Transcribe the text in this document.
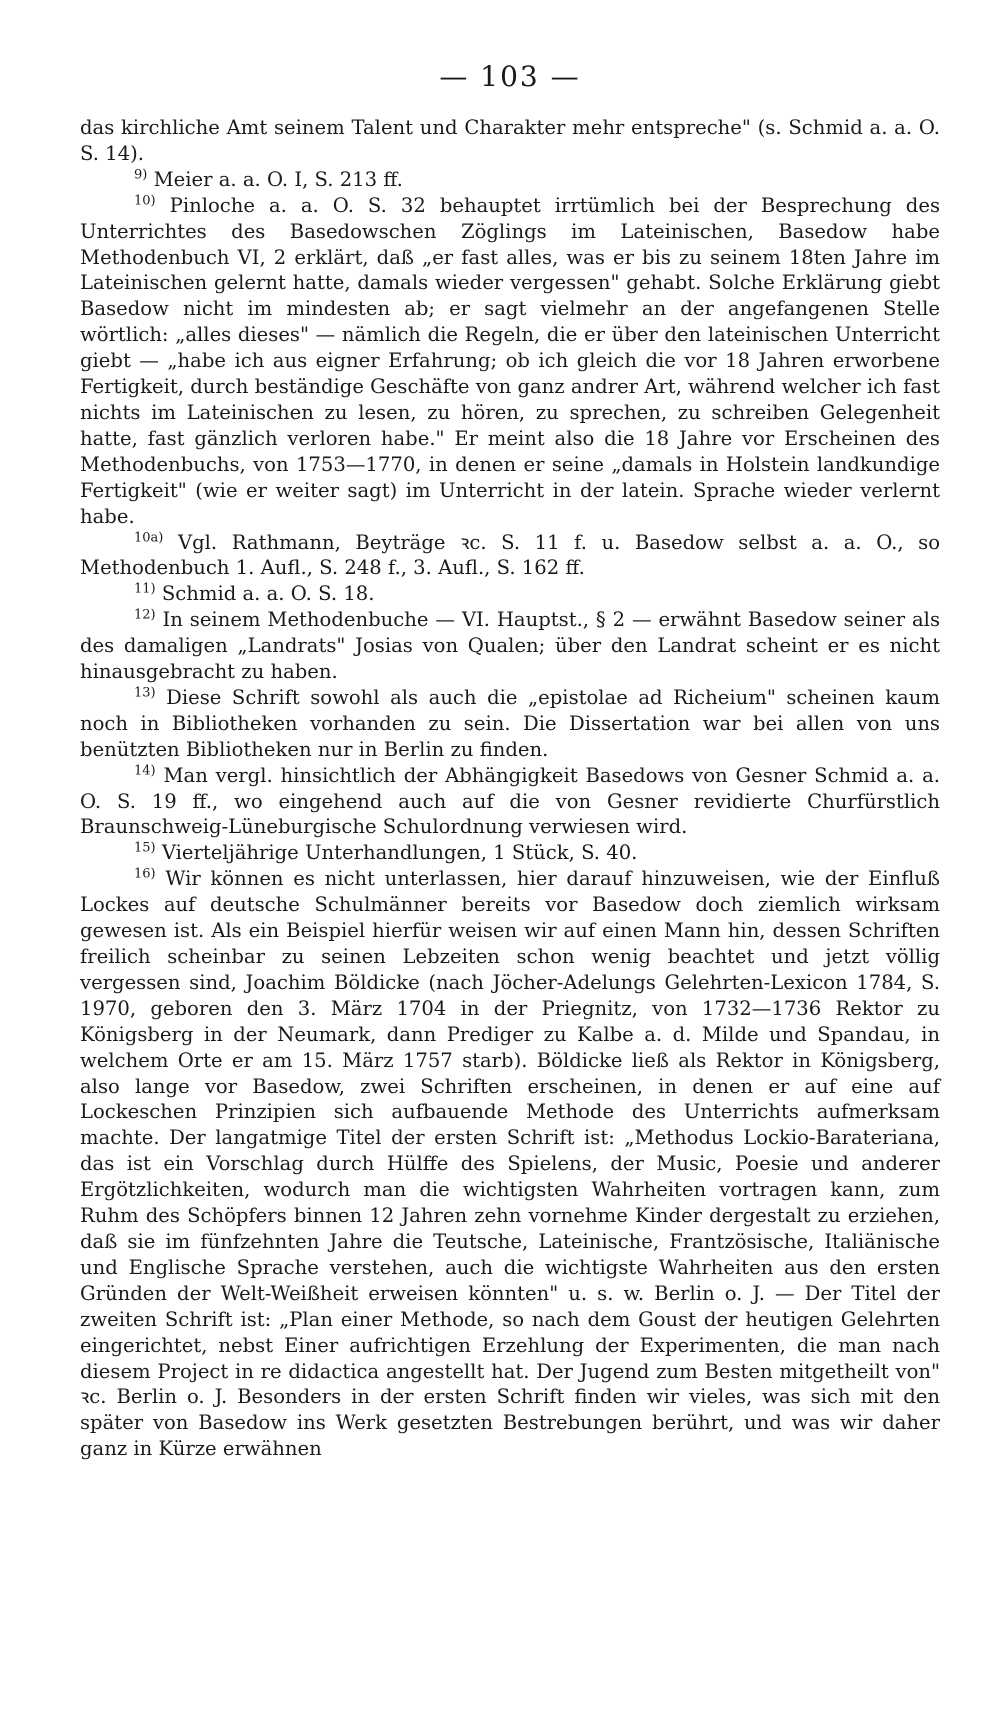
— 103 —

das kirchliche Amt seinem Talent und Charakter mehr entspreche" (s. Schmid a. a. O. S. 14).

$^{9)}$ Meier a. a. O. I, S. 213 ff.

$^{10)}$ Pinloche a. a. O. S. 32 behauptet irrtümlich bei der Besprechung des Unterrichtes des Basedowschen Zöglings im Lateinischen, Basedow habe Methodenbuch VI, 2 erklärt, daß „er fast alles, was er bis zu seinem 18ten Jahre im Lateinischen gelernt hatte, damals wieder vergessen" gehabt. Solche Erklärung giebt Basedow nicht im mindesten ab; er sagt vielmehr an der angefangenen Stelle wörtlich: „alles dieses" — nämlich die Regeln, die er über den lateinischen Unterricht giebt — „habe ich aus eigner Erfahrung; ob ich gleich die vor 18 Jahren erworbene Fertigkeit, durch beständige Geschäfte von ganz andrer Art, während welcher ich fast nichts im Lateinischen zu lesen, zu hören, zu sprechen, zu schreiben Gelegenheit hatte, fast gänzlich verloren habe." Er meint also die 18 Jahre vor Erscheinen des Methodenbuchs, von 1753—1770, in denen er seine „damals in Holstein landkundige Fertigkeit" (wie er weiter sagt) im Unterricht in der latein. Sprache wieder verlernt habe.

$^{10a)}$ Vgl. Rathmann, Beyträge ꝛc. S. 11 f. u. Basedow selbst a. a. O., so Methodenbuch 1. Aufl., S. 248 f., 3. Aufl., S. 162 ff.

$^{11)}$ Schmid a. a. O. S. 18.

$^{12)}$ In seinem Methodenbuche — VI. Hauptst., § 2 — erwähnt Basedow seiner als des damaligen „Landrats" Josias von Qualen; über den Landrat scheint er es nicht hinausgebracht zu haben.

$^{13)}$ Diese Schrift sowohl als auch die „epistolae ad Richeium" scheinen kaum noch in Bibliotheken vorhanden zu sein. Die Dissertation war bei allen von uns benützten Bibliotheken nur in Berlin zu finden.

$^{14)}$ Man vergl. hinsichtlich der Abhängigkeit Basedows von Gesner Schmid a. a. O. S. 19 ff., wo eingehend auch auf die von Gesner revidierte Churfürstlich Braunschweig-Lüneburgische Schulordnung verwiesen wird.

$^{15)}$ Vierteljährige Unterhandlungen, 1 Stück, S. 40.

$^{16)}$ Wir können es nicht unterlassen, hier darauf hinzuweisen, wie der Einfluß Lockes auf deutsche Schulmänner bereits vor Basedow doch ziemlich wirksam gewesen ist. Als ein Beispiel hierfür weisen wir auf einen Mann hin, dessen Schriften freilich scheinbar zu seinen Lebzeiten schon wenig beachtet und jetzt völlig vergessen sind, Joachim Böldicke (nach Jöcher-Adelungs Gelehrten-Lexicon 1784, S. 1970, geboren den 3. März 1704 in der Priegnitz, von 1732—1736 Rektor zu Königsberg in der Neumark, dann Prediger zu Kalbe a. d. Milde und Spandau, in welchem Orte er am 15. März 1757 starb). Böldicke ließ als Rektor in Königsberg, also lange vor Basedow, zwei Schriften erscheinen, in denen er auf eine auf Lockeschen Prinzipien sich aufbauende Methode des Unterrichts aufmerksam machte. Der langatmige Titel der ersten Schrift ist: „Methodus Lockio-Barateriana, das ist ein Vorschlag durch Hülffe des Spielens, der Music, Poesie und anderer Ergötzlichkeiten, wodurch man die wichtigsten Wahrheiten vortragen kann, zum Ruhm des Schöpfers binnen 12 Jahren zehn vornehme Kinder dergestalt zu erziehen, daß sie im fünfzehnten Jahre die Teutsche, Lateinische, Frantzösische, Italiänische und Englische Sprache verstehen, auch die wichtigste Wahrheiten aus den ersten Gründen der Welt-Weißheit erweisen könnten" u. s. w. Berlin o. J. — Der Titel der zweiten Schrift ist: „Plan einer Methode, so nach dem Goust der heutigen Gelehrten eingerichtet, nebst Einer aufrichtigen Erzehlung der Experimenten, die man nach diesem Project in re didactica angestellt hat. Der Jugend zum Besten mitgetheilt von" ꝛc. Berlin o. J. Besonders in der ersten Schrift finden wir vieles, was sich mit den später von Basedow ins Werk gesetzten Bestrebungen berührt, und was wir daher ganz in Kürze erwähnen
